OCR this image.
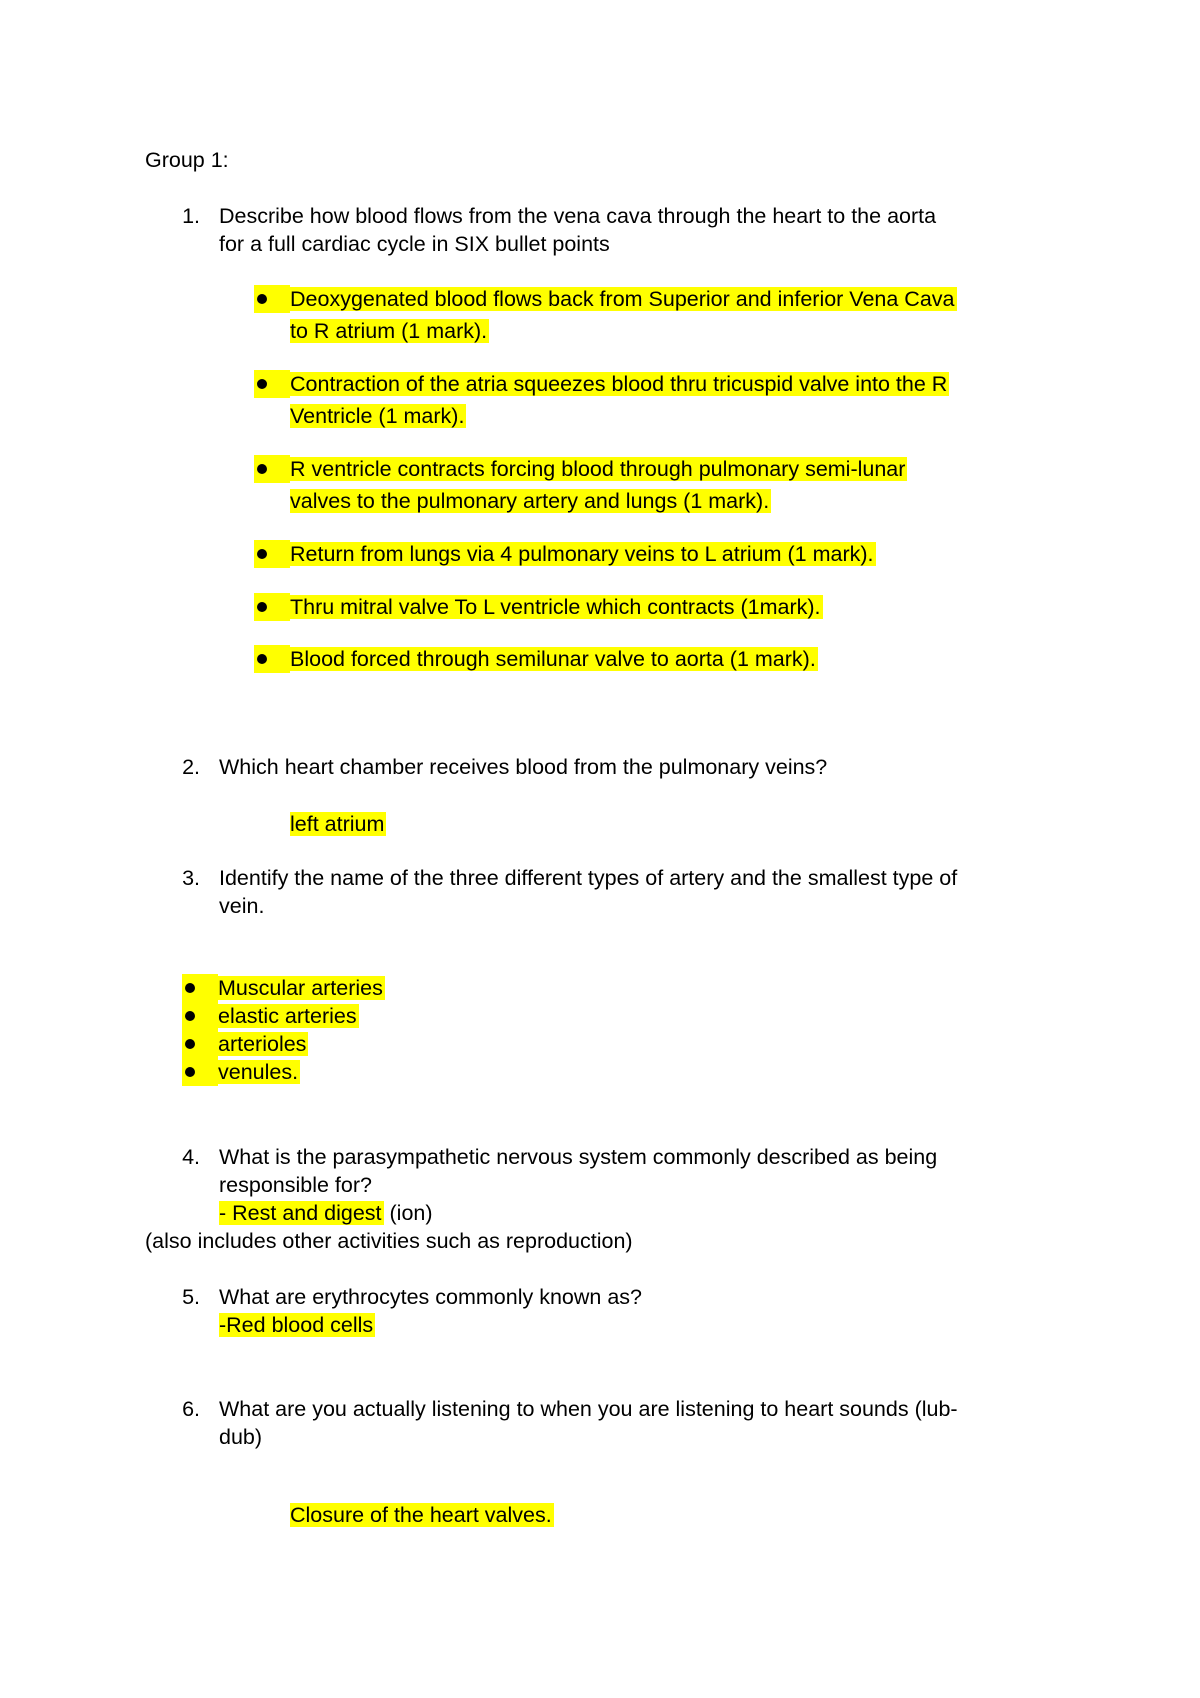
Group 1:
1. Describe how blood flows from the vena cava through the heart to the aorta
for a full cardiac cycle in SIX bullet points
Deoxygenated blood flows back from Superior and inferior Vena Cava
to R atrium (1 mark).
Contraction of the atria squeezes blood thru tricuspid valve into the R
Ventricle (1 mark).
R ventricle contracts forcing blood through pulmonary semi-lunar
valves to the pulmonary artery and lungs (1 mark).
Return from lungs via 4 pulmonary veins to L atrium (1 mark).
Thru mitral valve To L ventricle which contracts (1mark).
Blood forced through semilunar valve to aorta (1 mark).
2. Which heart chamber receives blood from the pulmonary veins?
left atrium
3. Identify the name of the three different types of artery and the smallest type of
vein.
Muscular arteries
elastic arteries
arterioles
venules.
4. What is the parasympathetic nervous system commonly described as being
responsible for?
- Rest and digest (ion)
(also includes other activities such as reproduction)
5. What are erythrocytes commonly known as?
-Red blood cells
6. What are you actually listening to when you are listening to heart sounds (lub-
dub)
Closure of the heart valves.
